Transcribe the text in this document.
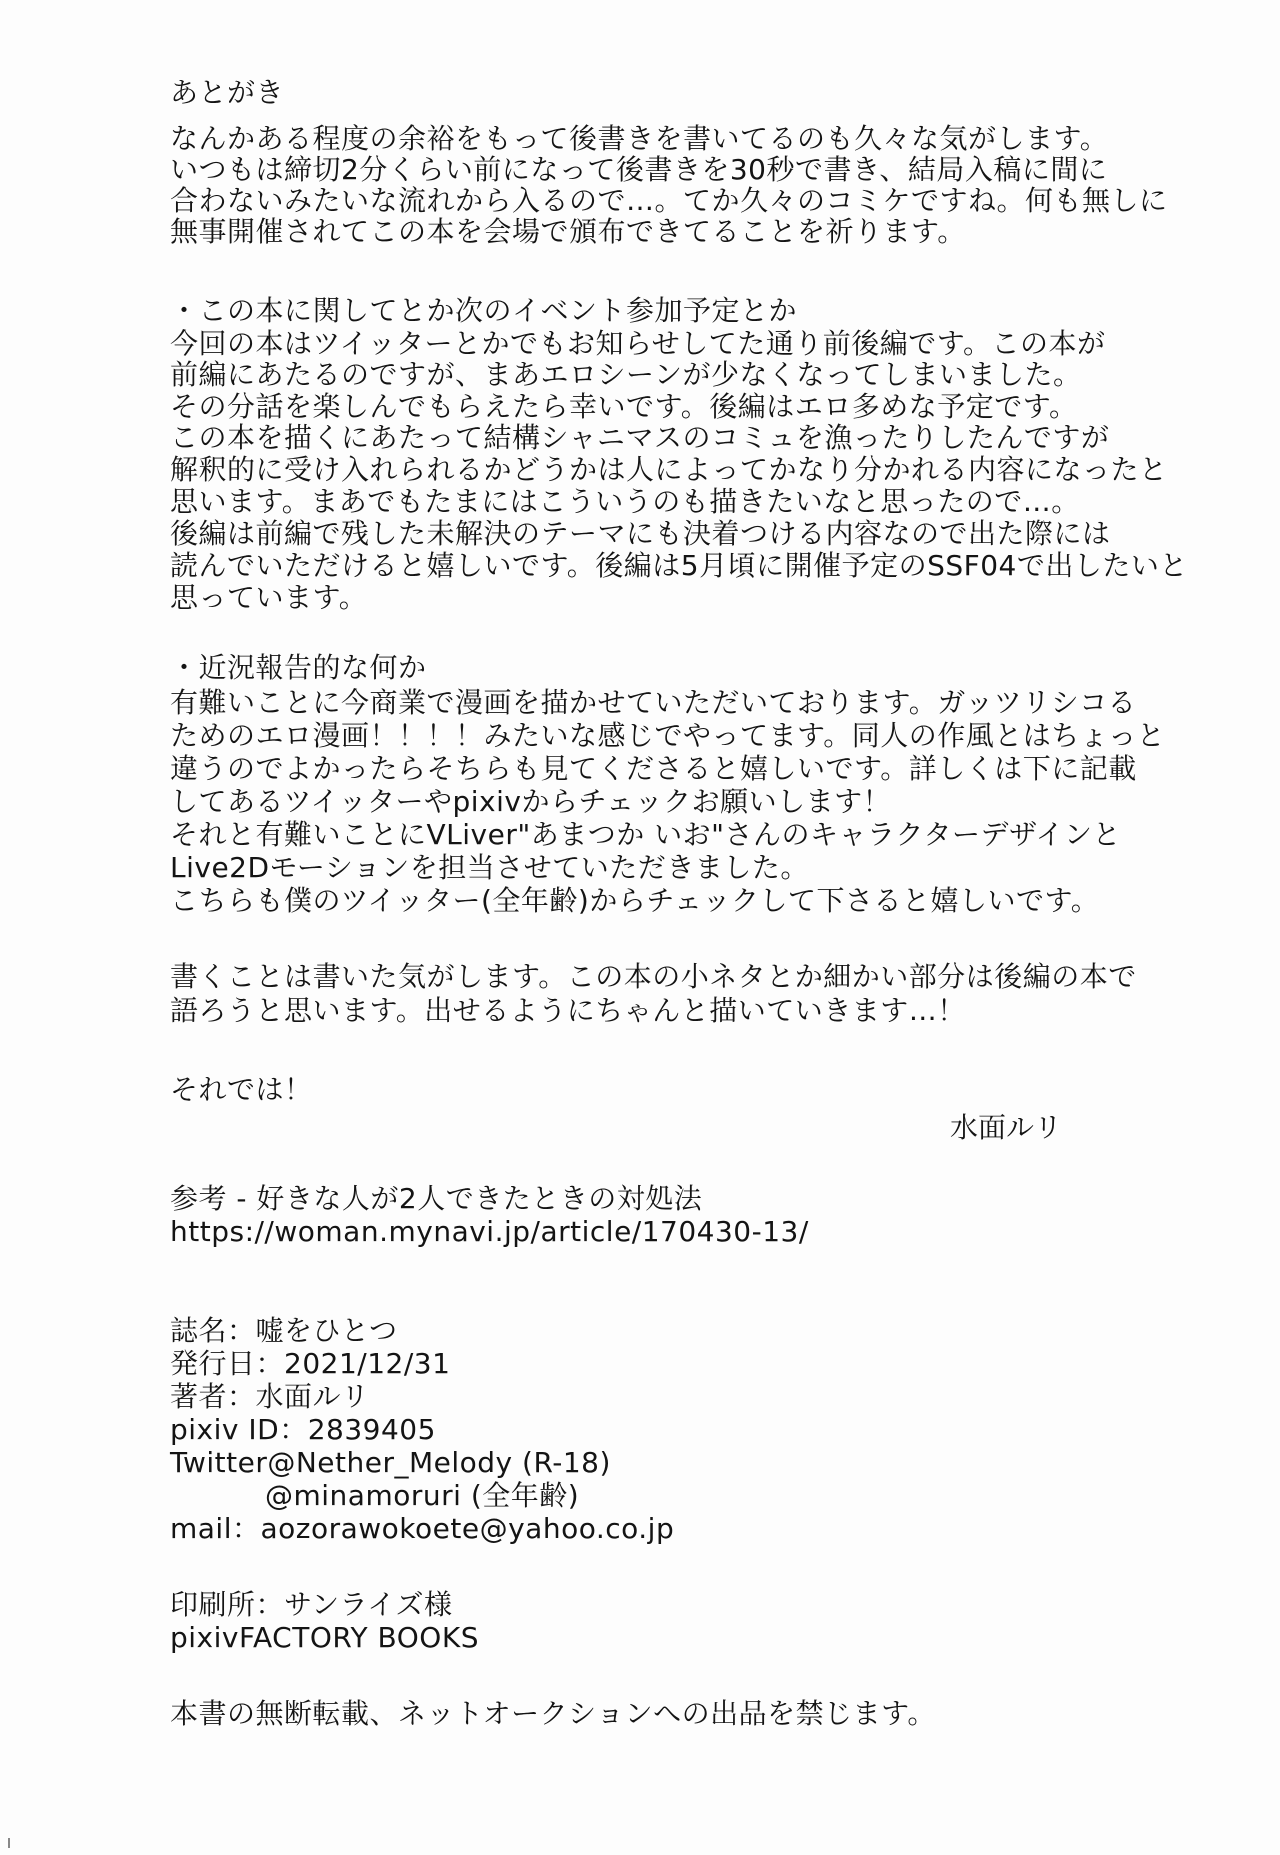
あとがき
なんかある程度の余裕をもって後書きを書いてるのも久々な気がします。
いつもは締切2分くらい前になって後書きを30秒で書き、結局入稿に間に
合わないみたいな流れから入るので…。てか久々のコミケですね。何も無しに
無事開催されてこの本を会場で頒布できてることを祈ります。
・この本に関してとか次のイベント参加予定とか
今回の本はツイッターとかでもお知らせしてた通り前後編です。この本が
前編にあたるのですが、まあエロシーンが少なくなってしまいました。
その分話を楽しんでもらえたら幸いです。後編はエロ多めな予定です。
この本を描くにあたって結構シャニマスのコミュを漁ったりしたんですが
解釈的に受け入れられるかどうかは人によってかなり分かれる内容になったと
思います。まあでもたまにはこういうのも描きたいなと思ったので…。
後編は前編で残した未解決のテーマにも決着つける内容なので出た際には
読んでいただけると嬉しいです。後編は5月頃に開催予定のSSF04で出したいと
思っています。
・近況報告的な何か
有難いことに今商業で漫画を描かせていただいております。ガッツリシコる
ためのエロ漫画！！！！みたいな感じでやってます。同人の作風とはちょっと
違うのでよかったらそちらも見てくださると嬉しいです。詳しくは下に記載
してあるツイッターやpixivからチェックお願いします！
それと有難いことにVLiver"あまつか いお"さんのキャラクターデザインと
Live2Dモーションを担当させていただきました。
こちらも僕のツイッター(全年齢)からチェックして下さると嬉しいです。
書くことは書いた気がします。この本の小ネタとか細かい部分は後編の本で
語ろうと思います。出せるようにちゃんと描いていきます…！
それでは！
水面ルリ
参考 - 好きな人が2人できたときの対処法
https://woman.mynavi.jp/article/170430-13/
誌名：嘘をひとつ
発行日：2021/12/31
著者：水面ルリ
pixiv ID：2839405
Twitter@Nether_Melody (R-18)
@minamoruri (全年齢)
mail：aozorawokoete@yahoo.co.jp
印刷所：サンライズ様
pixivFACTORY BOOKS
本書の無断転載、ネットオークションへの出品を禁じます。
